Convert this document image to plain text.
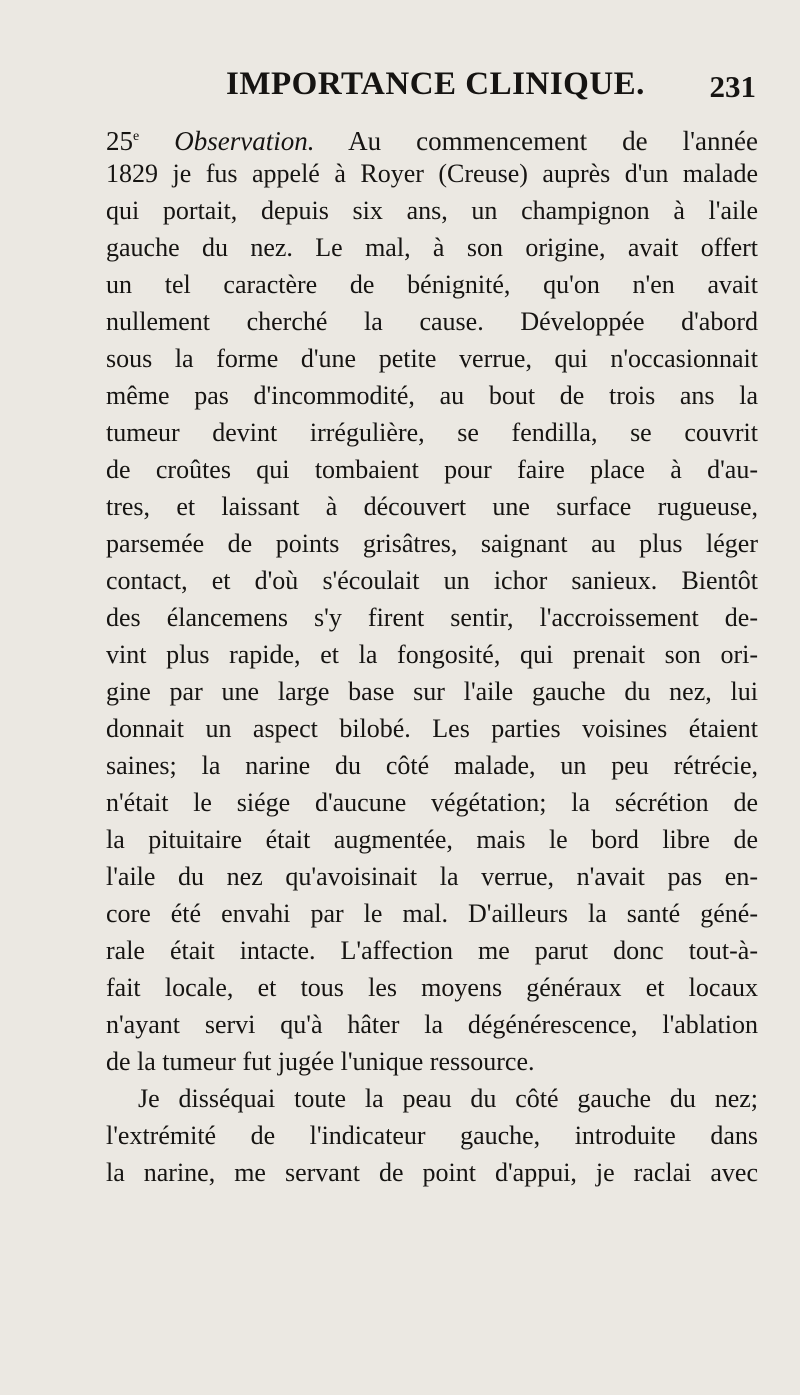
IMPORTANCE CLINIQUE. 231
25e Observation. Au commencement de l'année
1829 je fus appelé à Royer (Creuse) auprès d'un malade
qui portait, depuis six ans, un champignon à l'aile
gauche du nez. Le mal, à son origine, avait offert
un tel caractère de bénignité, qu'on n'en avait
nullement cherché la cause. Développée d'abord
sous la forme d'une petite verrue, qui n'occasionnait
même pas d'incommodité, au bout de trois ans la
tumeur devint irrégulière, se fendilla, se couvrit
de croûtes qui tombaient pour faire place à d'au-
tres, et laissant à découvert une surface rugueuse,
parsemée de points grisâtres, saignant au plus léger
contact, et d'où s'écoulait un ichor sanieux. Bientôt
des élancemens s'y firent sentir, l'accroissement de-
vint plus rapide, et la fongosité, qui prenait son ori-
gine par une large base sur l'aile gauche du nez, lui
donnait un aspect bilobé. Les parties voisines étaient
saines; la narine du côté malade, un peu rétrécie,
n'était le siége d'aucune végétation; la sécrétion de
la pituitaire était augmentée, mais le bord libre de
l'aile du nez qu'avoisinait la verrue, n'avait pas en-
core été envahi par le mal. D'ailleurs la santé géné-
rale était intacte. L'affection me parut donc tout-à-
fait locale, et tous les moyens généraux et locaux
n'ayant servi qu'à hâter la dégénérescence, l'ablation
de la tumeur fut jugée l'unique ressource.
Je disséquai toute la peau du côté gauche du nez;
l'extrémité de l'indicateur gauche, introduite dans
la narine, me servant de point d'appui, je raclai avec
